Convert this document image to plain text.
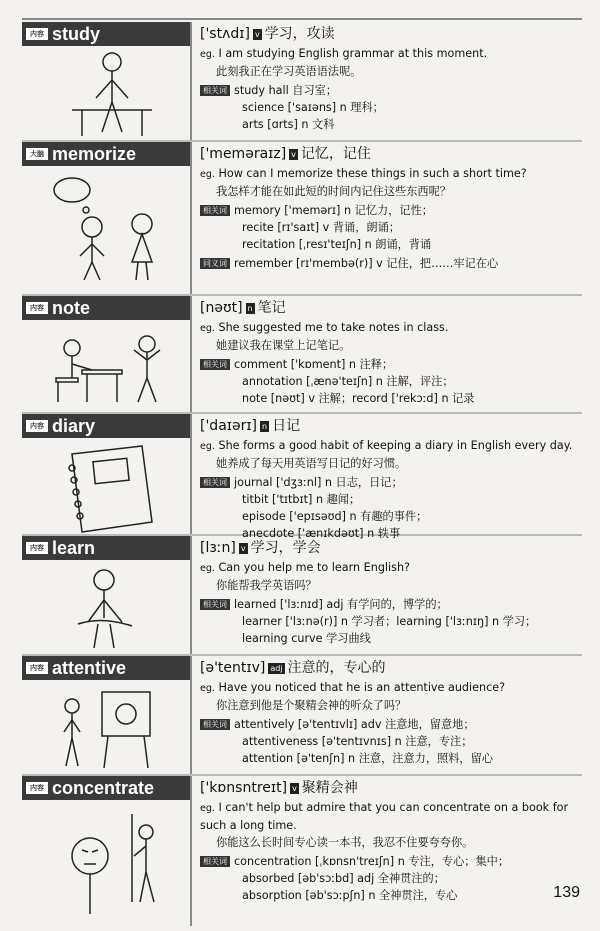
内容 study	['stʌdɪ] v 学习，攻读
eg. I am studying English grammar at this moment.
此刻我正在学习英语语法呢。
相关词 study hall 自习室；
science ['saɪəns] n 理科；
arts [ɑrts] n 文科
大脑 memorize	['meməraɪz] v 记忆，记住
eg. How can I memorize these things in such a short time?
我怎样才能在如此短的时间内记住这些东西呢？
相关词 memory ['memərɪ] n 记忆力，记性；
recite [rɪ'saɪt] v 背诵，朗诵；
recitation [ˌresɪ'teɪʃn] n 朗诵，背诵
同义词 remember [rɪ'membə(r)] v 记住，把……牢记在心
内容 note	[nəʊt] n 笔记
eg. She suggested me to take notes in class.
她建议我在课堂上记笔记。
相关词 comment ['kɒment] n 注释；
annotation [ˌænə'teɪʃn] n 注解，评注；
note [nəʊt] v 注解；record ['rekɔːd] n 记录
内容 diary	['daɪərɪ] n 日记
eg. She forms a good habit of keeping a diary in English every day.
她养成了每天用英语写日记的好习惯。
相关词 journal ['dʒɜːnl] n 日志，日记；
titbit ['tɪtbɪt] n 趣闻；
episode ['epɪsəʊd] n 有趣的事件；
anecdote ['ænɪkdəʊt] n 轶事
内容 learn	[lɜːn] v 学习，学会
eg. Can you help me to learn English?
你能帮我学英语吗？
相关词 learned ['lɜːnɪd] adj 有学问的，博学的；
learner ['lɜːnə(r)] n 学习者；learning ['lɜːnɪŋ] n 学习；
learning curve 学习曲线
内容 attentive	[ə'tentɪv] adj 注意的，专心的
eg. Have you noticed that he is an attentive audience?
你注意到他是个聚精会神的听众了吗？
相关词 attentively [ə'tentɪvlɪ] adv 注意地，留意地；
attentiveness [ə'tentɪvnɪs] n 注意，专注；
attention [ə'tenʃn] n 注意，注意力，照料，留心
内容 concentrate	['kɒnsntreɪt] v 聚精会神
eg. I can't help but admire that you can concentrate on a book for such a long time.
你能这么长时间专心读一本书，我忍不住要夸夸你。
相关词 concentration [ˌkɒnsn'treɪʃn] n 专注，专心；集中；
absorbed [əb'sɔːbd] adj 全神贯注的；
absorption [əb'sɔːpʃn] n 全神贯注，专心	139
